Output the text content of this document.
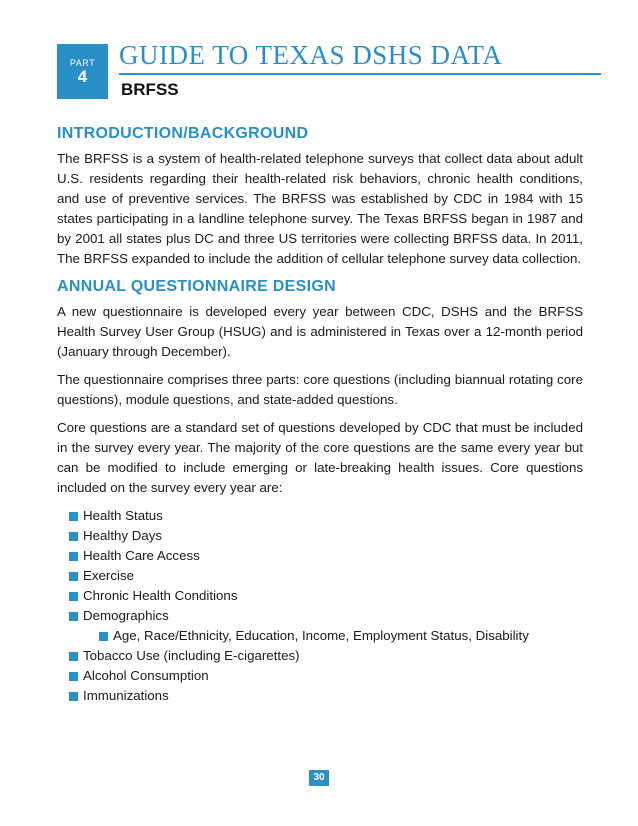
PART
4
GUIDE TO TEXAS DSHS DATA
BRFSS
INTRODUCTION/BACKGROUND

The BRFSS is a system of health-related telephone surveys that collect data about adult U.S. residents regarding their health-related risk behaviors, chronic health conditions, and use of preventive services. The BRFSS was established by CDC in 1984 with 15 states participating in a landline telephone survey. The Texas BRFSS began in 1987 and by 2001 all states plus DC and three US territories were collecting BRFSS data. In 2011, The BRFSS expanded to include the addition of cellular telephone survey data collection.

ANNUAL QUESTIONNAIRE DESIGN

A new questionnaire is developed every year between CDC, DSHS and the BRFSS Health Survey User Group (HSUG) and is administered in Texas over a 12-month period (January through December).

The questionnaire comprises three parts: core questions (including biannual rotating core questions), module questions, and state-added questions.

Core questions are a standard set of questions developed by CDC that must be included in the survey every year. The majority of the core questions are the same every year but can be modified to include emerging or late-breaking health issues. Core questions included on the survey every year are:

Health Status
Healthy Days
Health Care Access
Exercise
Chronic Health Conditions
Demographics
Age, Race/Ethnicity, Education, Income, Employment Status, Disability
Tobacco Use (including E-cigarettes)
Alcohol Consumption
Immunizations
30
